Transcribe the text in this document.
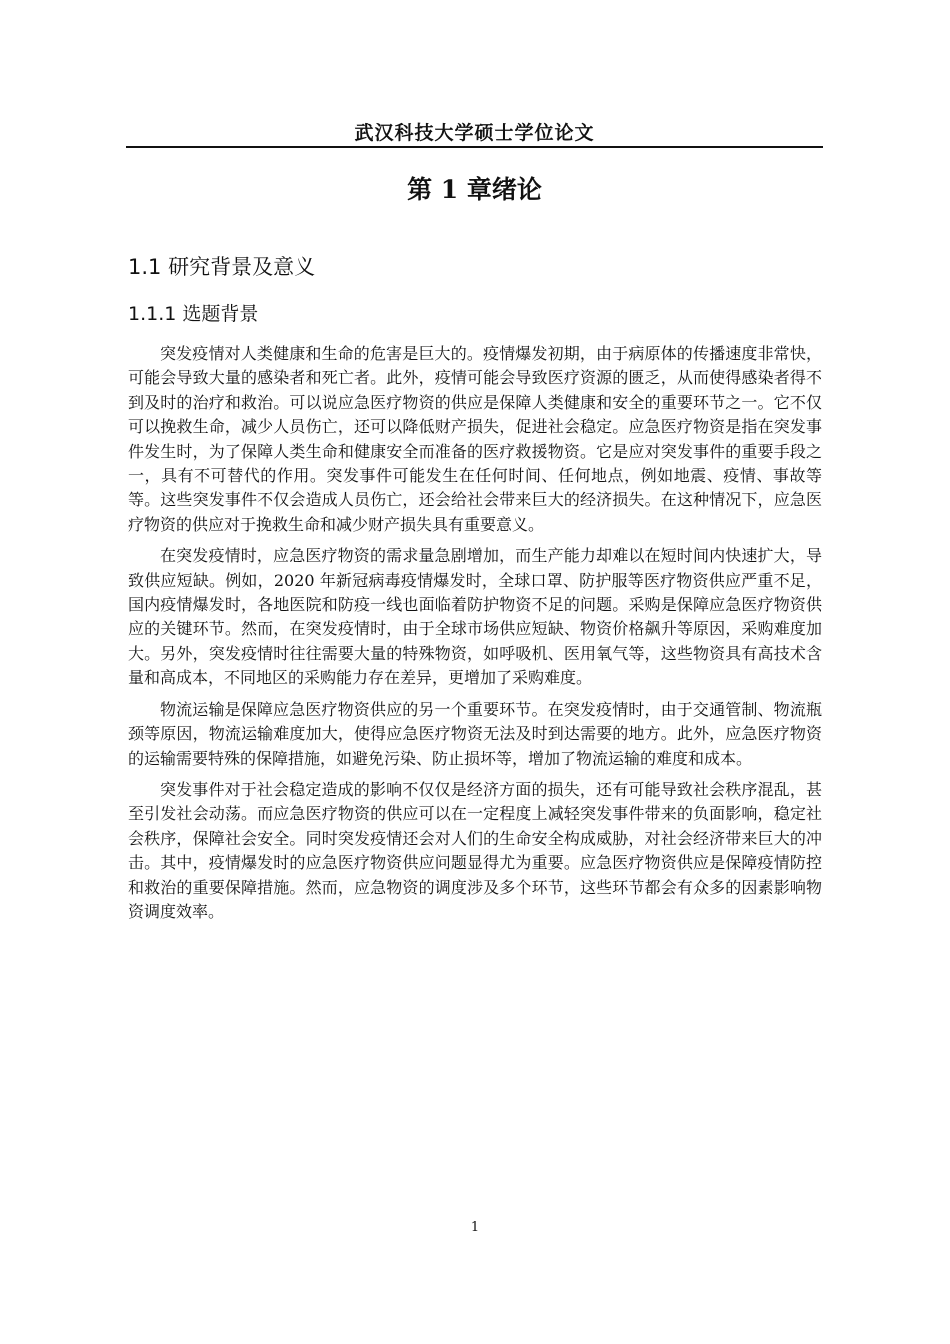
武汉科技大学硕士学位论文
第 1 章绪论
1.1 研究背景及意义
1.1.1 选题背景

突发疫情对人类健康和生命的危害是巨大的。疫情爆发初期，由于病原体的传播速度非常快，可能会导致大量的感染者和死亡者。此外，疫情可能会导致医疗资源的匮乏，从而使得感染者得不到及时的治疗和救治。可以说应急医疗物资的供应是保障人类健康和安全的重要环节之一。它不仅可以挽救生命，减少人员伤亡，还可以降低财产损失，促进社会稳定。应急医疗物资是指在突发事件发生时，为了保障人类生命和健康安全而准备的医疗救援物资。它是应对突发事件的重要手段之一，具有不可替代的作用。突发事件可能发生在任何时间、任何地点，例如地震、疫情、事故等等。这些突发事件不仅会造成人员伤亡，还会给社会带来巨大的经济损失。在这种情况下，应急医疗物资的供应对于挽救生命和减少财产损失具有重要意义。

在突发疫情时，应急医疗物资的需求量急剧增加，而生产能力却难以在短时间内快速扩大，导致供应短缺。例如，2020 年新冠病毒疫情爆发时，全球口罩、防护服等医疗物资供应严重不足，国内疫情爆发时，各地医院和防疫一线也面临着防护物资不足的问题。采购是保障应急医疗物资供应的关键环节。然而，在突发疫情时，由于全球市场供应短缺、物资价格飙升等原因，采购难度加大。另外，突发疫情时往往需要大量的特殊物资，如呼吸机、医用氧气等，这些物资具有高技术含量和高成本，不同地区的采购能力存在差异，更增加了采购难度。

物流运输是保障应急医疗物资供应的另一个重要环节。在突发疫情时，由于交通管制、物流瓶颈等原因，物流运输难度加大，使得应急医疗物资无法及时到达需要的地方。此外，应急医疗物资的运输需要特殊的保障措施，如避免污染、防止损坏等，增加了物流运输的难度和成本。

突发事件对于社会稳定造成的影响不仅仅是经济方面的损失，还有可能导致社会秩序混乱，甚至引发社会动荡。而应急医疗物资的供应可以在一定程度上减轻突发事件带来的负面影响，稳定社会秩序，保障社会安全。同时突发疫情还会对人们的生命安全构成威胁，对社会经济带来巨大的冲击。其中，疫情爆发时的应急医疗物资供应问题显得尤为重要。应急医疗物资供应是保障疫情防控和救治的重要保障措施。然而，应急物资的调度涉及多个环节，这些环节都会有众多的因素影响物资调度效率。

1
